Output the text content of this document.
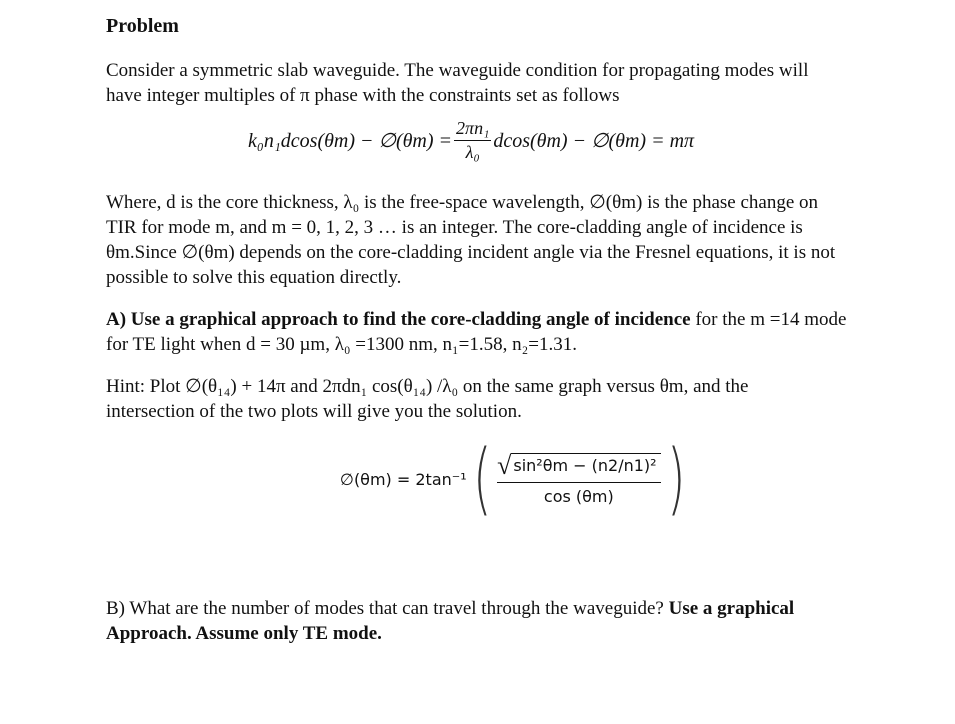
Problem
Consider a symmetric slab waveguide. The waveguide condition for propagating modes will
have integer multiples of π phase with the constraints set as follows
k₀n₁dcos(θm) − ∅(θm) = $\frac{\text{2πn₁}}{\text{λ₀}} dcos(\theta m)$ − ∅(θm) = mπ
Where, d is the core thickness, λ₀ is the free-space wavelength, ∅(θm) is the phase change on
TIR for mode m, and m = 0, 1, 2, 3 … is an integer. The core-cladding angle of incidence is
θm.Since ∅(θm) depends on the core-cladding incident angle via the Fresnel equations, it is not
possible to solve this equation directly.
A) Use a graphical approach to find the core-cladding angle of incidence for the m =14 mode
for TE light when d = 30 µm, λ₀ =1300 nm, n₁=1.58, n₂=1.31.
Hint: Plot ∅(θ₁₄) + 14π and 2πdn₁ cos(θ₁₄) /λ₀ on the same graph versus θm, and the
intersection of the two plots will give you the solution.
∅(θm) = 2tan⁻¹ ( $\frac{\text{√ sin²θm − (n2/n1)²}}{\cos (\theta m)}$ )
B) What are the number of modes that can travel through the waveguide? Use a graphical
Approach. Assume only TE mode.
